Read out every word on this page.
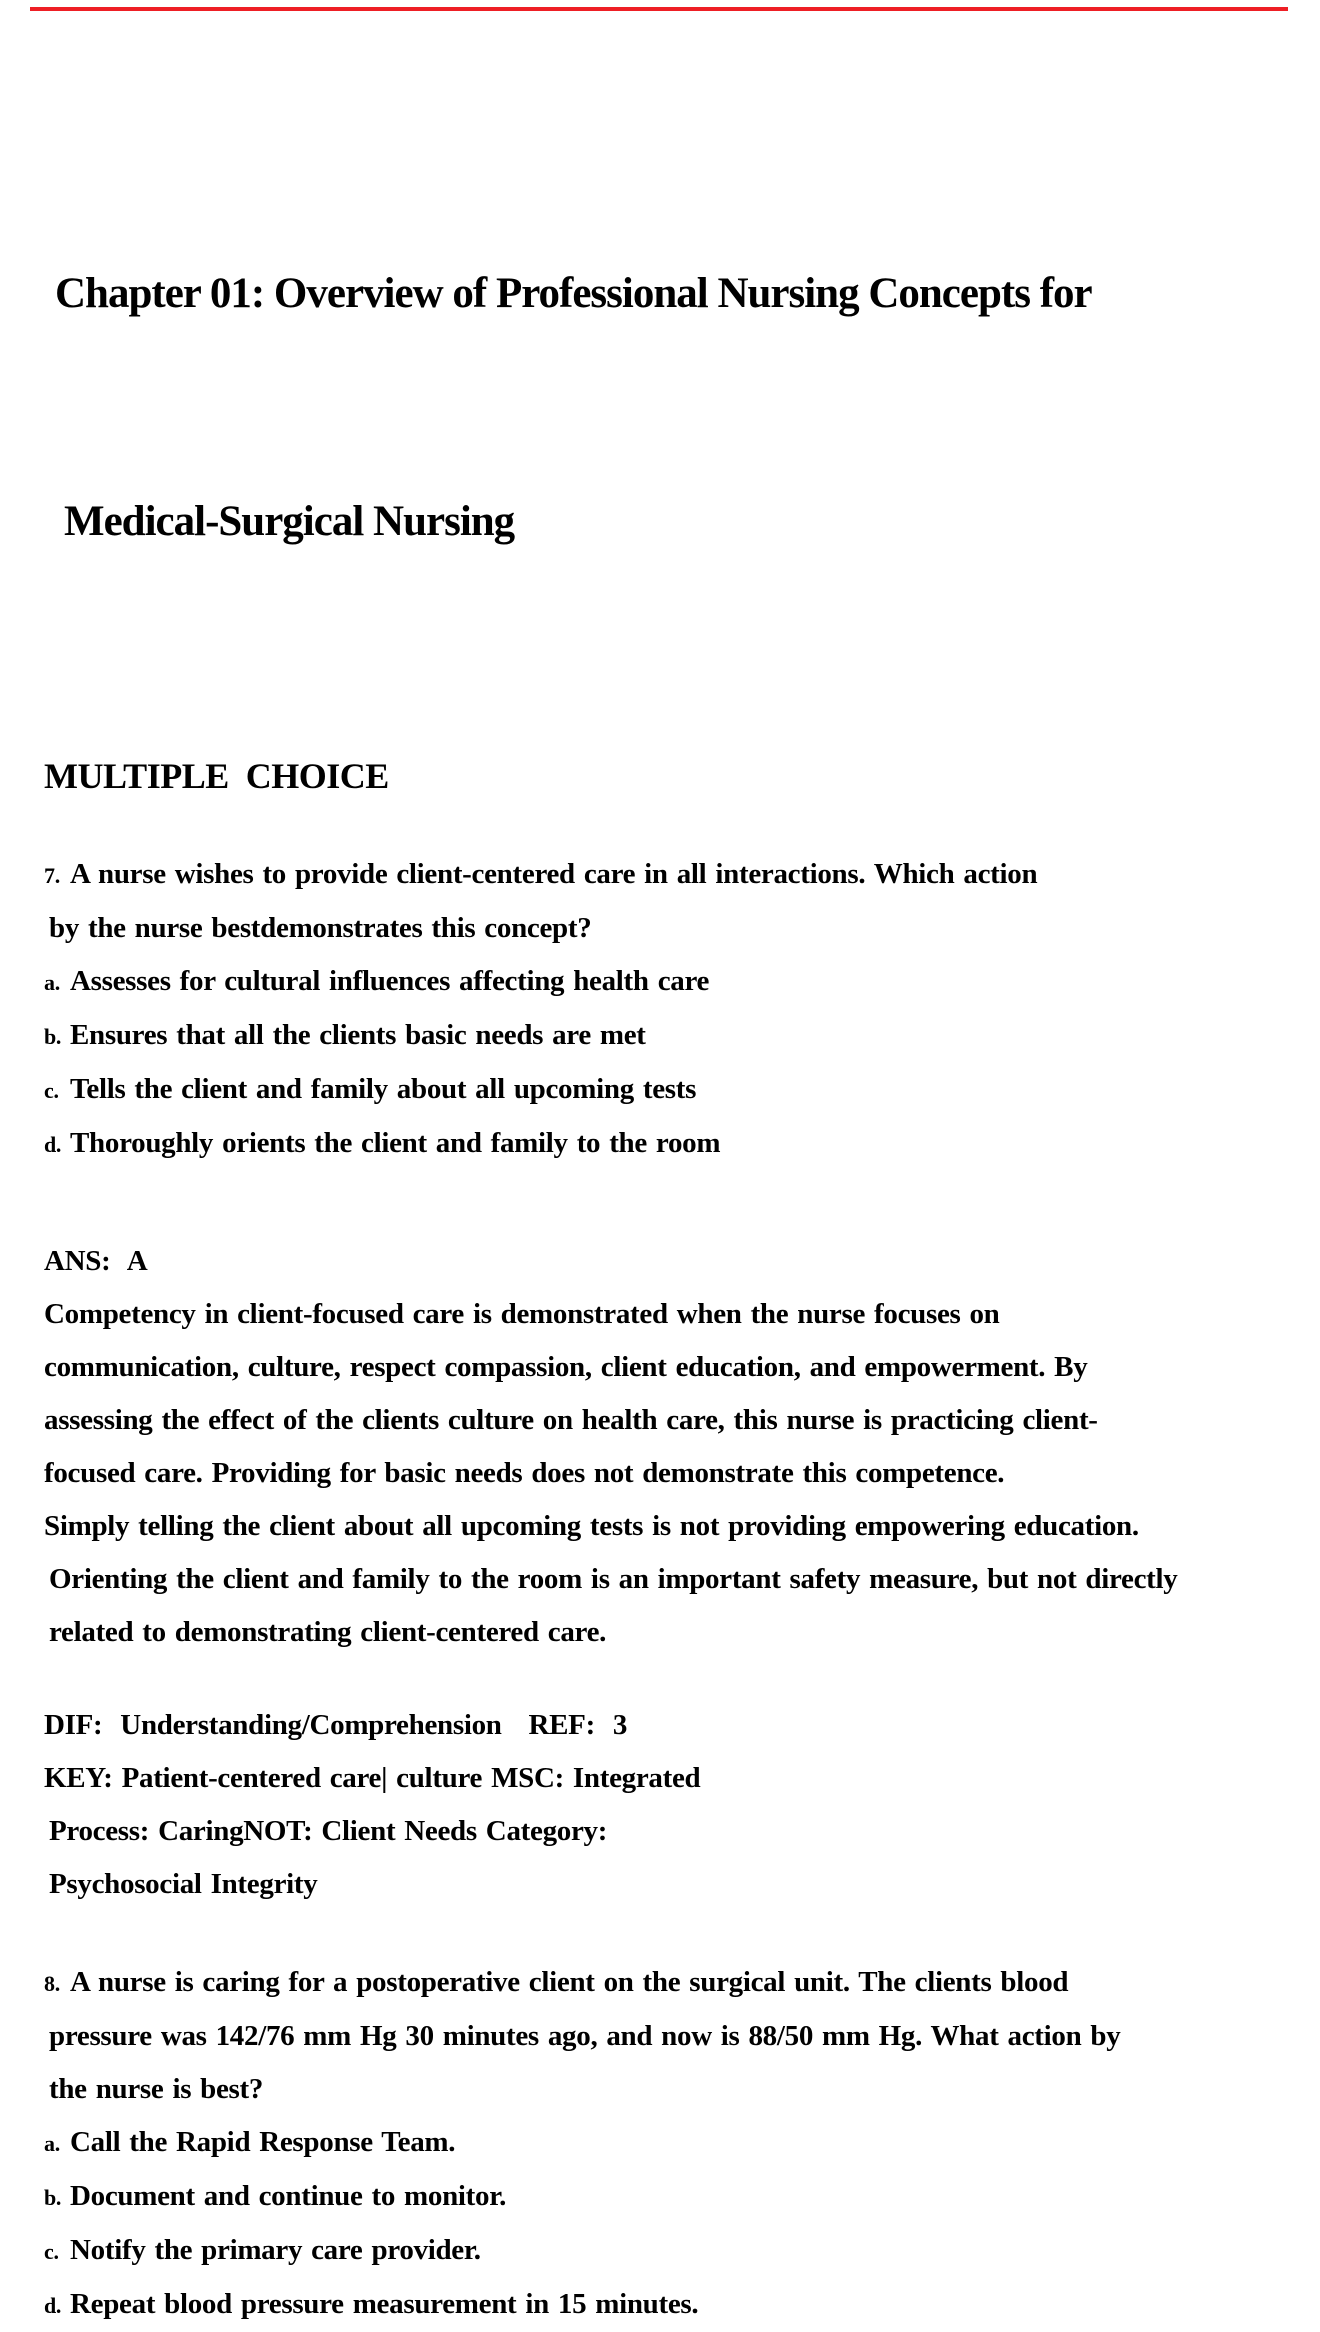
Chapter 01: Overview of Professional Nursing Concepts for

Medical-Surgical Nursing

MULTIPLE  CHOICE
7. A nurse wishes to provide client-centered care in all interactions. Which action
by the nurse bestdemonstrates this concept?
a. Assesses for cultural influences affecting health care
b. Ensures that all the clients basic needs are met
c. Tells the client and family about all upcoming tests
d. Thoroughly orients the client and family to the room
ANS:  A
Competency in client-focused care is demonstrated when the nurse focuses on
communication, culture, respect compassion, client education, and empowerment. By
assessing the effect of the clients culture on health care, this nurse is practicing client-
focused care. Providing for basic needs does not demonstrate this competence.
Simply telling the client about all upcoming tests is not providing empowering education.
Orienting the client and family to the room is an important safety measure, but not directly
related to demonstrating client-centered care.
DIF:  Understanding/Comprehension   REF:  3
KEY: Patient-centered care| culture MSC: Integrated
Process: CaringNOT: Client Needs Category:
Psychosocial Integrity
8. A nurse is caring for a postoperative client on the surgical unit. The clients blood
pressure was 142/76 mm Hg 30 minutes ago, and now is 88/50 mm Hg. What action by
the nurse is best?
a. Call the Rapid Response Team.
b. Document and continue to monitor.
c. Notify the primary care provider.
d. Repeat blood pressure measurement in 15 minutes.
